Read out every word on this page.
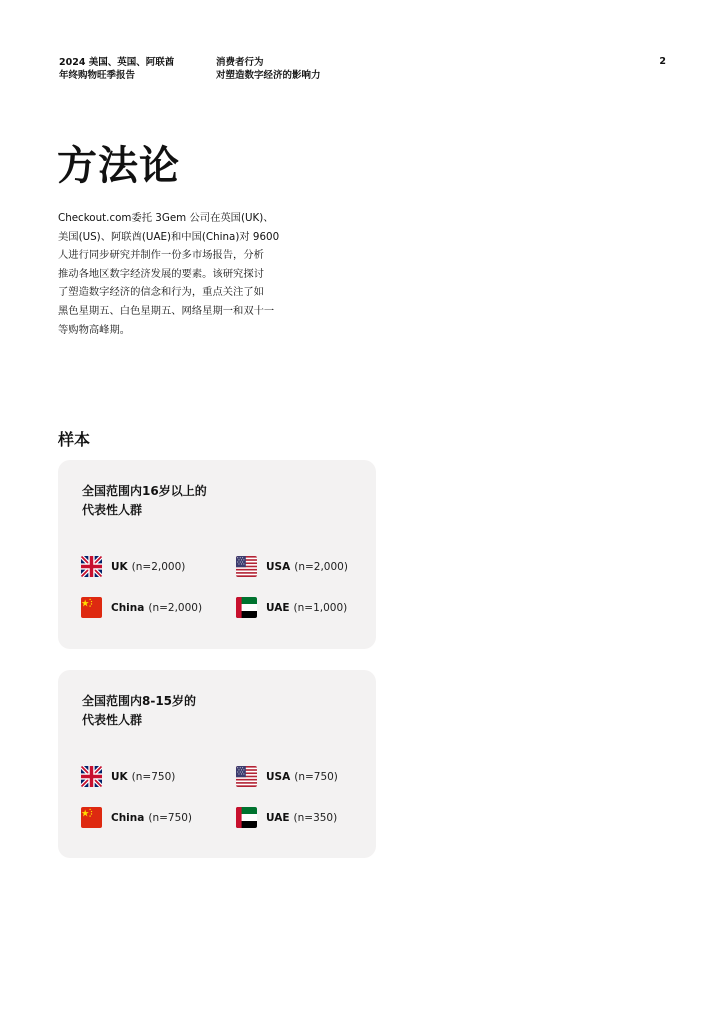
2024 美国、英国、阿联酋
年终购物旺季报告
消费者行为
对塑造数字经济的影响力
2
方法论
Checkout.com委托 3Gem 公司在英国(UK)、
美国(US)、阿联酋(UAE)和中国(China)对 9600
人进行同步研究并制作一份多市场报告，分析
推动各地区数字经济发展的要素。该研究探讨
了塑造数字经济的信念和行为，重点关注了如
黑色星期五、白色星期五、网络星期一和双十一
等购物高峰期。
样本
全国范围内16岁以上的
代表性人群
UK (n=2,000)	USA (n=2,000)
China (n=2,000)	UAE (n=1,000)
全国范围内8-15岁的
代表性人群
UK (n=750)	USA (n=750)
China (n=750)	UAE (n=350)
